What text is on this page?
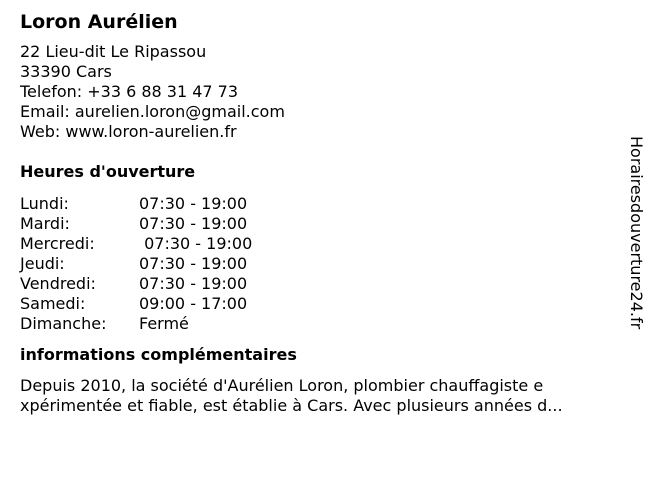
Loron Aurélien
22 Lieu-dit Le Ripassou
33390 Cars
Telefon: +33 6 88 31 47 73
Email: aurelien.loron@gmail.com
Web: www.loron-aurelien.fr
Heures d'ouverture
Lundi:	07:30 - 19:00
Mardi:	07:30 - 19:00
Mercredi:	07:30 - 19:00
Jeudi:	07:30 - 19:00
Vendredi:	07:30 - 19:00
Samedi:	09:00 - 17:00
Dimanche: Fermé
informations complémentaires
Depuis 2010, la société d'Aurélien Loron, plombier chauffagiste e
xpérimentée et fiable, est établie à Cars. Avec plusieurs années d...
Horairesdouverture24.fr
